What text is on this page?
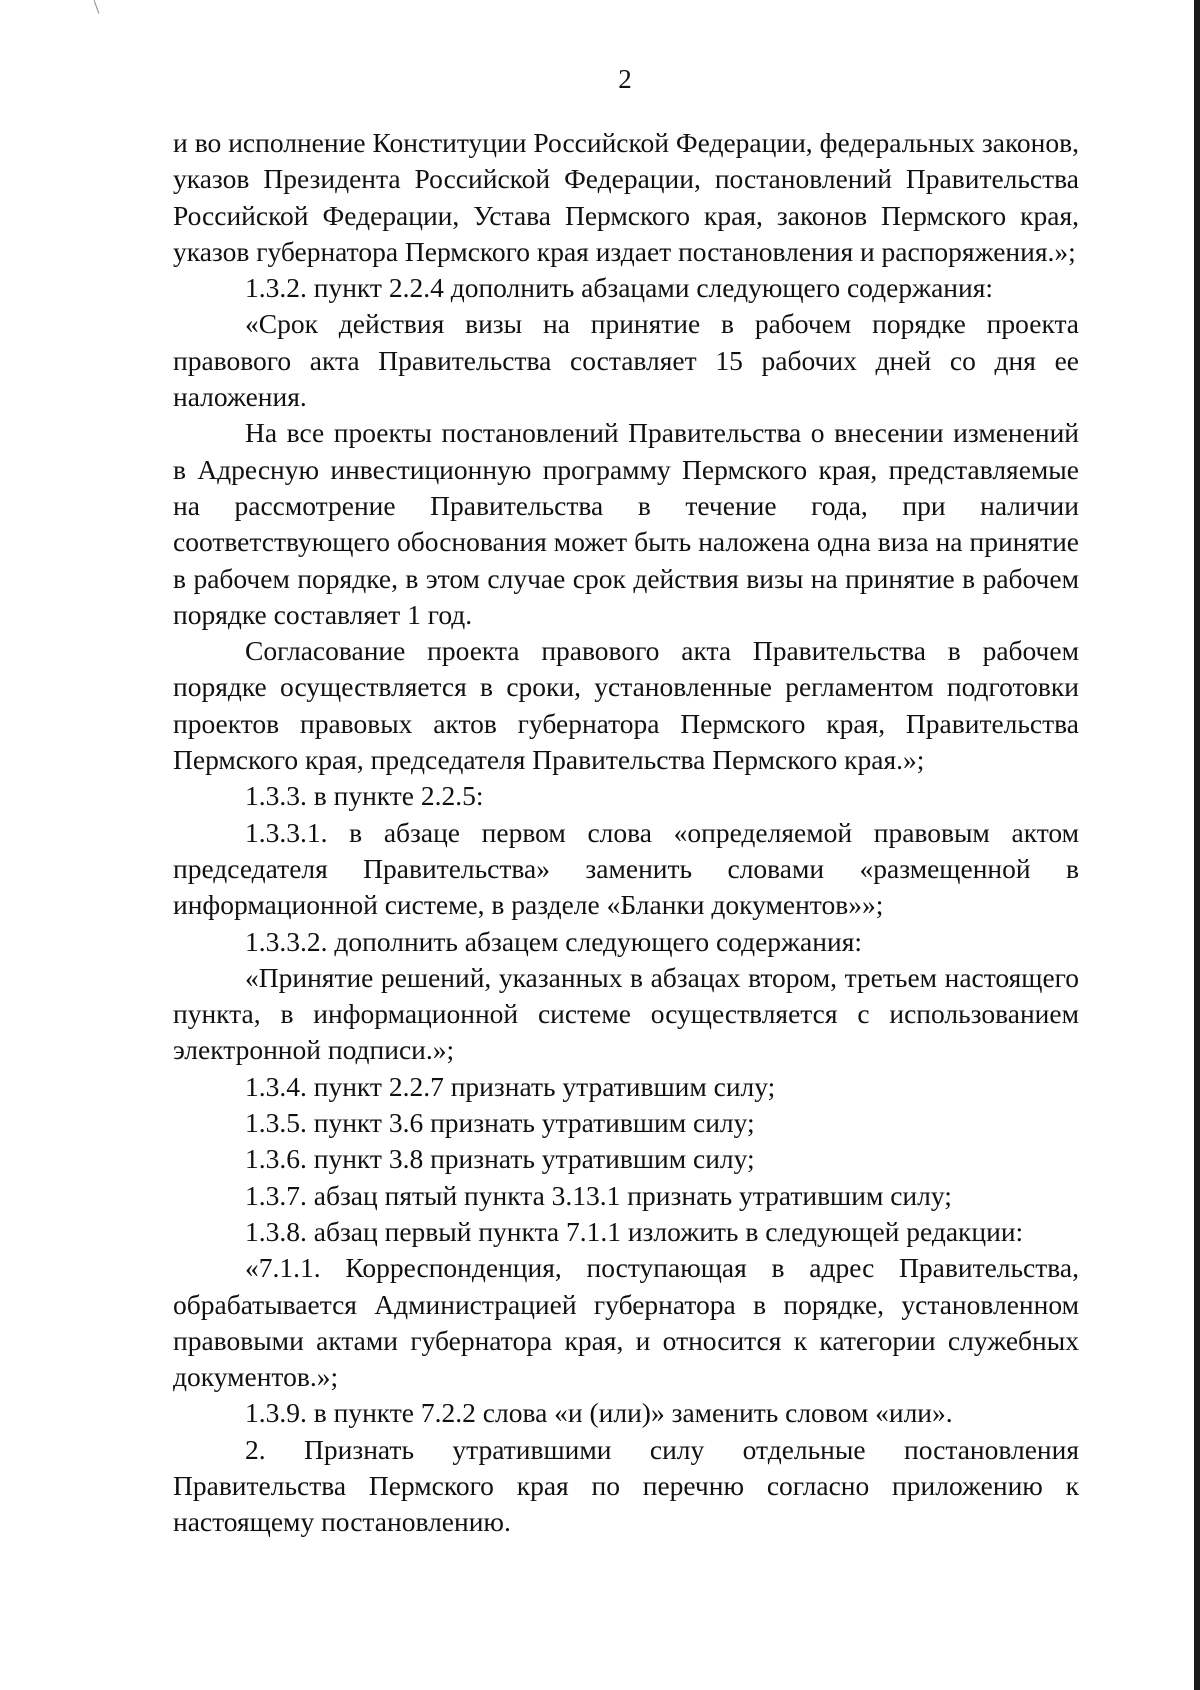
2

и во исполнение Конституции Российской Федерации, федеральных законов, указов Президента Российской Федерации, постановлений Правительства Российской Федерации, Устава Пермского края, законов Пермского края, указов губернатора Пермского края издает постановления и распоряжения.»;

1.3.2. пункт 2.2.4 дополнить абзацами следующего содержания:

«Срок действия визы на принятие в рабочем порядке проекта правового акта Правительства составляет 15 рабочих дней со дня ее наложения.

На все проекты постановлений Правительства о внесении изменений в Адресную инвестиционную программу Пермского края, представляемые на рассмотрение Правительства в течение года, при наличии соответствующего обоснования может быть наложена одна виза на принятие в рабочем порядке, в этом случае срок действия визы на принятие в рабочем порядке составляет 1 год.

Согласование проекта правового акта Правительства в рабочем порядке осуществляется в сроки, установленные регламентом подготовки проектов правовых актов губернатора Пермского края, Правительства Пермского края, председателя Правительства Пермского края.»;

1.3.3. в пункте 2.2.5:

1.3.3.1. в абзаце первом слова «определяемой правовым актом председателя Правительства» заменить словами «размещенной в информационной системе, в разделе «Бланки документов»»;

1.3.3.2. дополнить абзацем следующего содержания:

«Принятие решений, указанных в абзацах втором, третьем настоящего пункта, в информационной системе осуществляется с использованием электронной подписи.»;

1.3.4. пункт 2.2.7 признать утратившим силу;

1.3.5. пункт 3.6 признать утратившим силу;

1.3.6. пункт 3.8 признать утратившим силу;

1.3.7. абзац пятый пункта 3.13.1 признать утратившим силу;

1.3.8. абзац первый пункта 7.1.1 изложить в следующей редакции:

«7.1.1. Корреспонденция, поступающая в адрес Правительства, обрабатывается Администрацией губернатора в порядке, установленном правовыми актами губернатора края, и относится к категории служебных документов.»;

1.3.9. в пункте 7.2.2 слова «и (или)» заменить словом «или».

2. Признать утратившими силу отдельные постановления Правительства Пермского края по перечню согласно приложению к настоящему постановлению.
